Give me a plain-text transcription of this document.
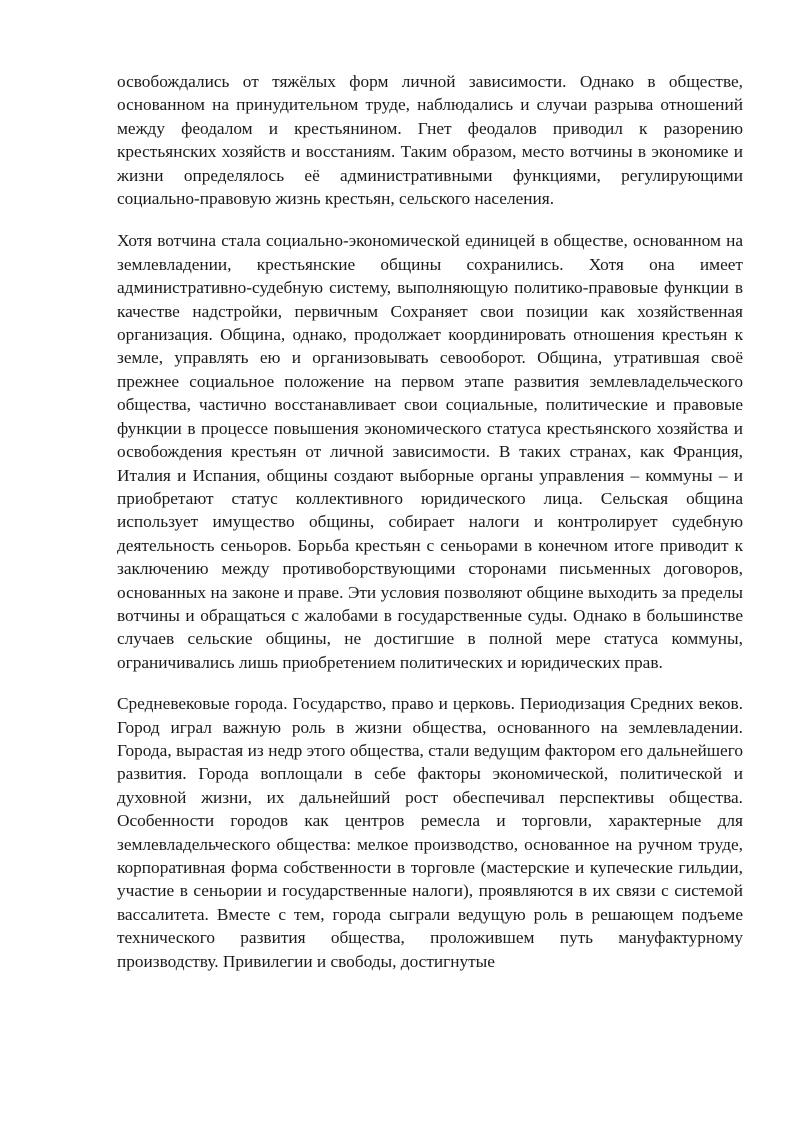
освобождались от тяжёлых форм личной зависимости. Однако в обществе, основанном на принудительном труде, наблюдались и случаи разрыва отношений между феодалом и крестьянином. Гнет феодалов приводил к разорению крестьянских хозяйств и восстаниям. Таким образом, место вотчины в экономике и жизни определялось её административными функциями, регулирующими социально-правовую жизнь крестьян, сельского населения.

Хотя вотчина стала социально-экономической единицей в обществе, основанном на землевладении, крестьянские общины сохранились. Хотя она имеет административно-судебную систему, выполняющую политико-правовые функции в качестве надстройки, первичным Сохраняет свои позиции как хозяйственная организация. Община, однако, продолжает координировать отношения крестьян к земле, управлять ею и организовывать севооборот. Община, утратившая своё прежнее социальное положение на первом этапе развития землевладельческого общества, частично восстанавливает свои социальные, политические и правовые функции в процессе повышения экономического статуса крестьянского хозяйства и освобождения крестьян от личной зависимости. В таких странах, как Франция, Италия и Испания, общины создают выборные органы управления – коммуны – и приобретают статус коллективного юридического лица. Сельская община использует имущество общины, собирает налоги и контролирует судебную деятельность сеньоров. Борьба крестьян с сеньорами в конечном итоге приводит к заключению между противоборствующими сторонами письменных договоров, основанных на законе и праве. Эти условия позволяют общине выходить за пределы вотчины и обращаться с жалобами в государственные суды. Однако в большинстве случаев сельские общины, не достигшие в полной мере статуса коммуны, ограничивались лишь приобретением политических и юридических прав.

Средневековые города. Государство, право и церковь. Периодизация Средних веков. Город играл важную роль в жизни общества, основанного на землевладении. Города, вырастая из недр этого общества, стали ведущим фактором его дальнейшего развития. Города воплощали в себе факторы экономической, политической и духовной жизни, их дальнейший рост обеспечивал перспективы общества. Особенности городов как центров ремесла и торговли, характерные для землевладельческого общества: мелкое производство, основанное на ручном труде, корпоративная форма собственности в торговле (мастерские и купеческие гильдии, участие в сеньории и государственные налоги), проявляются в их связи с системой вассалитета. Вместе с тем, города сыграли ведущую роль в решающем подъеме технического развития общества, проложившем путь мануфактурному производству. Привилегии и свободы, достигнутые
